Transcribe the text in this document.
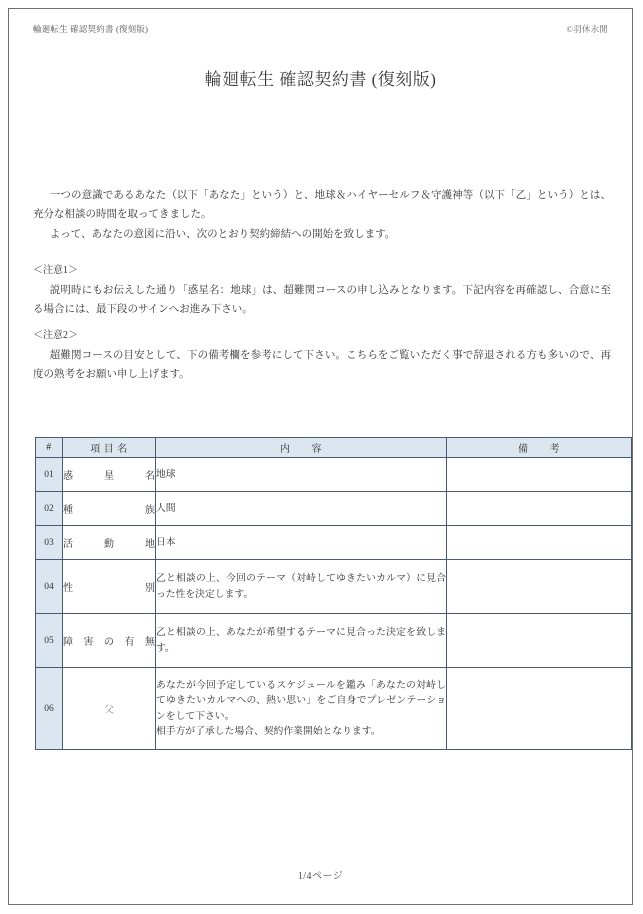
輪廻転生 確認契約書 (復刻版)	©羽休永閒
輪廻転生 確認契約書 (復刻版)

一つの意識であるあなた（以下「あなた」という）と、地球＆ハイヤーセルフ＆守護神等（以下「乙」という）とは、充分な相談の時間を取ってきました。

よって、あなたの意図に沿い、次のとおり契約締結への開始を致します。

＜注意1＞

説明時にもお伝えした通り「惑星名：地球」は、超難関コースの申し込みとなります。下記内容を再確認し、合意に至る場合には、最下段のサインへお進み下さい。

＜注意2＞

超難関コースの目安として、下の備考欄を参考にして下さい。こちらをご覧いただく事で辞退される方も多いので、再度の熟考をお願い申し上げます。

#	項 目 名	内　　容	備　　考
01	惑星名	地球	
02	種族	人間	
03	活動地	日本	
04	性別	乙と相談の上、今回のテーマ（対峙してゆきたいカルマ）に見合った性を決定します。	
05	障害の有無	乙と相談の上、あなたが希望するテーマに見合った決定を致します。	
06	父	あなたが今回予定しているスケジュールを鑑み「あなたの対峙してゆきたいカルマへの、熱い思い」をご自身でプレゼンテーションをして下さい。
相手方が了承した場合、契約作業開始となります。	
1/4ページ
